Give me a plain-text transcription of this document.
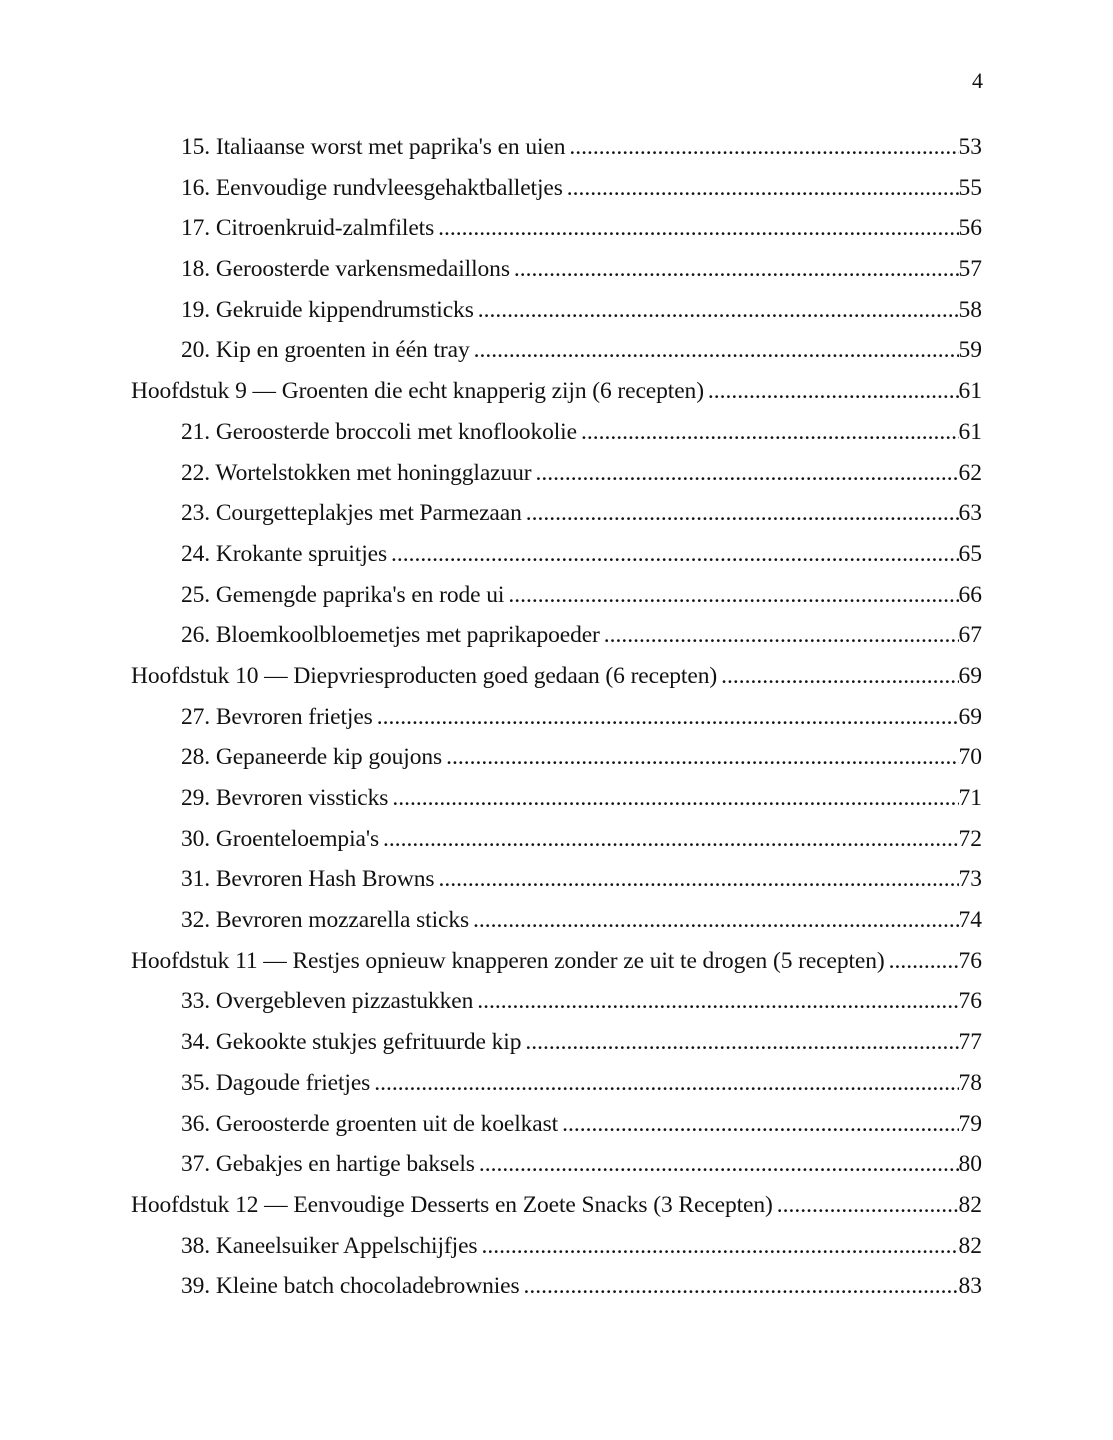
4
15. Italiaanse worst met paprika's en uien .....	53
16. Eenvoudige rundvleesgehaktballetjes .....	55
17. Citroenkruid-zalmfilets .....	56
18. Geroosterde varkensmedaillons .....	57
19. Gekruide kippendrumsticks .....	58
20. Kip en groenten in één tray .....	59
Hoofdstuk 9 — Groenten die echt knapperig zijn (6 recepten) .....	61
21. Geroosterde broccoli met knoflookolie .....	61
22. Wortelstokken met honingglazuur .....	62
23. Courgetteplakjes met Parmezaan .....	63
24. Krokante spruitjes .....	65
25. Gemengde paprika's en rode ui .....	66
26. Bloemkoolbloemetjes met paprikapoeder .....	67
Hoofdstuk 10 — Diepvriesproducten goed gedaan (6 recepten) .....	69
27. Bevroren frietjes .....	69
28. Gepaneerde kip goujons .....	70
29. Bevroren vissticks .....	71
30. Groenteloempia's .....	72
31. Bevroren Hash Browns .....	73
32. Bevroren mozzarella sticks .....	74
Hoofdstuk 11 — Restjes opnieuw knapperen zonder ze uit te drogen (5 recepten) .....	76
33. Overgebleven pizzastukken .....	76
34. Gekookte stukjes gefrituurde kip .....	77
35. Dagoude frietjes .....	78
36. Geroosterde groenten uit de koelkast .....	79
37. Gebakjes en hartige baksels .....	80
Hoofdstuk 12 — Eenvoudige Desserts en Zoete Snacks (3 Recepten) .....	82
38. Kaneelsuiker Appelschijfjes .....	82
39. Kleine batch chocoladebrownies .....	83
